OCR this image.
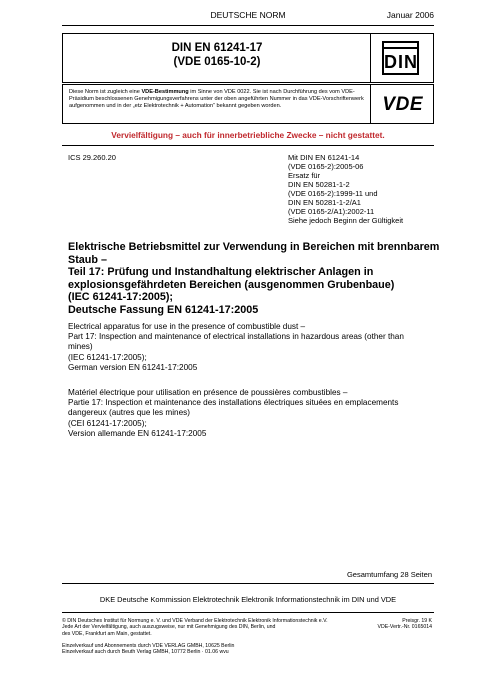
DEUTSCHE NORM	Januar 2006
DIN EN 61241-17
(VDE 0165-10-2)	DIN
Diese Norm ist zugleich eine VDE-Bestimmung im Sinne von VDE 0022. Sie ist nach Durchführung des vom VDE-Präsidium beschlossenen Genehmigungsverfahrens unter der oben angeführten Nummer in das VDE-Vorschriftenwerk aufgenommen und in der „etz Elektrotechnik + Automation“ bekannt gegeben worden.	VDE
Vervielfältigung – auch für innerbetriebliche Zwecke – nicht gestattet.
ICS 29.260.20	Mit DIN EN 61241-14
(VDE 0165-2):2005-06
Ersatz für
DIN EN 50281-1-2
(VDE 0165-2):1999-11 und
DIN EN 50281-1-2/A1
(VDE 0165-2/A1):2002-11
Siehe jedoch Beginn der Gültigkeit
Elektrische Betriebsmittel zur Verwendung in Bereichen mit brennbarem
Staub –
Teil 17: Prüfung und Instandhaltung elektrischer Anlagen in
explosionsgefährdeten Bereichen (ausgenommen Grubenbaue)
(IEC 61241-17:2005);
Deutsche Fassung EN 61241-17:2005
Electrical apparatus for use in the presence of combustible dust –
Part 17: Inspection and maintenance of electrical installations in hazardous areas (other than
mines)
(IEC 61241-17:2005);
German version EN 61241-17:2005
Matériel électrique pour utilisation en présence de poussières combustibles –
Partie 17: Inspection et maintenance des installations électriques situées en emplacements
dangereux (autres que les mines)
(CEI 61241-17:2005);
Version allemande EN 61241-17:2005
Gesamtumfang 28 Seiten
DKE Deutsche Kommission Elektrotechnik Elektronik Informationstechnik im DIN und VDE
© DIN Deutsches Institut für Normung e. V. und VDE Verband der Elektrotechnik Elektronik Informationstechnik e.V.
Jede Art der Vervielfältigung, auch auszugsweise, nur mit Genehmigung des DIN, Berlin, und
des VDE, Frankfurt am Main, gestattet.
Preisgr. 19 K
VDE-Vertr.-Nr. 0165014
Einzelverkauf und Abonnements durch VDE VERLAG GMBH, 10625 Berlin
Einzelverkauf auch durch Beuth Verlag GMBH, 10772 Berlin · 01.06 wvu
